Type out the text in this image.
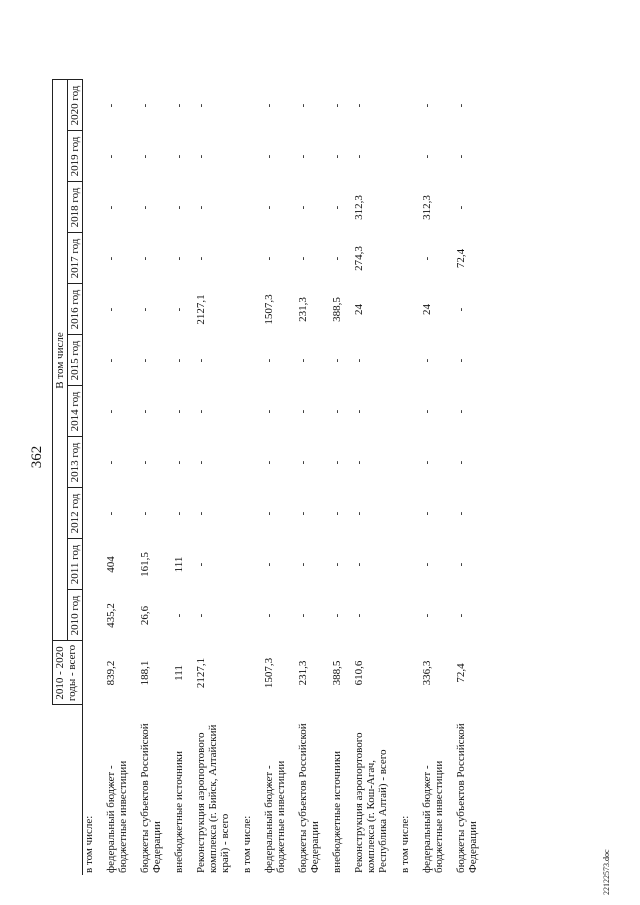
362

	2010 - 2020 годы - всего	В том числе										
		2010 год	2011 год	2012 год	2013 год	2014 год	2015 год	2016 год	2017 год	2018 год	2019 год	2020 год
в том числе:												

федеральный бюджет - бюджетные инвестиции	839,2	435,2	404	-	-	-	-	-	-	-	-	-

бюджеты субъектов Российской Федерации	188,1	26,6	161,5	-	-	-	-	-	-	-	-	-

внебюджетные источники	111	-	111	-	-	-	-	-	-	-	-	-

Реконструкция аэропортового комплекса (г. Бийск, Алтайский край) - всего	2127,1	-	-	-	-	-	-	2127,1	-	-	-	-

в том числе:												

федеральный бюджет - бюджетные инвестиции	1507,3	-	-	-	-	-	-	1507,3	-	-	-	-

бюджеты субъектов Российской Федерации	231,3	-	-	-	-	-	-	231,3	-	-	-	-

внебюджетные источники	388,5	-	-	-	-	-	-	388,5	-	-	-	-

Реконструкция аэропортового комплекса (г. Кош-Агач, Республика Алтай) - всего	610,6	-	-	-	-	-	-	24	274,3	312,3	-	-

в том числе:												

федеральный бюджет - бюджетные инвестиции	336,3	-	-	-	-	-	-	24	-	312,3	-	-

бюджеты субъектов Российской Федерации	72,4	-	-	-	-	-	-	-	72,4	-	-	-

22122573.doc
